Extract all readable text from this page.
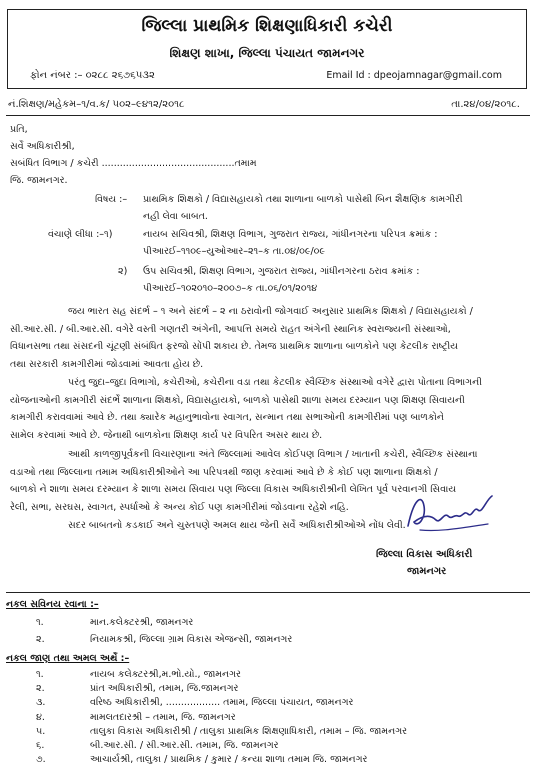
જિલ્લા પ્રાથમિક શિક્ષણાધિકારી કચેરી
શિક્ષણ શાખા, જિલ્લા પંચાયત જામનગર
ફોન નંબર :– ૦૨૮૮ ૨૬૭૬૫૩૨	Email Id : dpeojamnagar@gmail.com
નં.શિક્ષણ/મહેકમ–૧/વ.ક/ ૫૦૨–૯૪૧૨/૨૦૧૮	તા.૨૪/૦૪/૨૦૧૮.
પ્રતિ,
સર્વે અધિકારીશ્રી,
સબંધિત વિભાગ / કચેરી ............................................તમામ
જિ. જામનગર.
વિષય :– પ્રાથમિક શિક્ષકો / વિદ્યાસહાયકો તથા શાળાના બાળકો પાસેથી બિન શૈક્ષણિક કામગીરી
નહી લેવા બાબત.
વંચાણે લીધા :–૧)	નાયબ સચિવશ્રી, શિક્ષણ વિભાગ, ગુજરાત રાજ્ય, ગાંધીનગરના પરિપત્ર ક્રમાંક :
પીઆરઈ–૧૧૦૯–યુઓઆર–૨૧–ક તા.૦૪/૦૯/૦૯
૨) ઉપ સચિવશ્રી, શિક્ષણ વિભાગ, ગુજરાત રાજ્ય, ગાંધીનગરના ઠરાવ ક્રમાંક :
પીઆરઈ–૧૦૨૦૧૦–૨૦૦૭–ક તા.૦૬/૦૧/૨૦૧૪
જય ભારત સહ સંદર્ભ – ૧ અને સંદર્ભ – ૨ ના ઠરાવોની જોગવાઈ અનુસાર પ્રાથમિક શિક્ષકો / વિદ્યાસહાયકો /
સી.આર.સી. / બી.આર.સી. વગેરે વસ્તી ગણતરી અંગેની, આપત્તિ સમયે રાહત અંગેની સ્થાનિક સ્વરાજ્યની સંસ્થાઓ,
વિધાનસભા તથા સંસદની ચૂંટણી સંબંધિત ફરજો સોંપી શકાય છે. તેમજ પ્રાથમિક શાળાના બાળકોને પણ કેટલીક રાષ્ટ્રીય
તથા સરકારી કામગીરીમાં જોડવામાં આવતા હોય છે.
પરંતુ જુદા–જુદા વિભાગો, કચેરીઓ, કચેરીના વડા તથા કેટલીક સ્વૈચ્છિક સંસ્થાઓ વગેરે દ્વારા પોતાના વિભાગની
યોજનાઓની કામગીરી સંદર્ભે શાળાના શિક્ષકો, વિદ્યાસહાયકો, બાળકો પાસેથી શાળા સમય દરમ્યાન પણ શિક્ષણ સિવાયની
કામગીરી કરાવવામાં આવે છે. તથા ક્યારેક મહાનુભાવોના સ્વાગત, સન્માન તથા સભાઓની કામગીરીમાં પણ બાળકોને
સામેલ કરવામાં આવે છે. જેનાથી બાળકોના શિક્ષણ કાર્ય પર વિપરિત અસર થાય છે.
આથી કાળજીપૂર્વકની વિચારણાના અંતે જિલ્લામાં આવેલ કોઈપણ વિભાગ / ખાતાની કચેરી, સ્વૈચ્છિક સંસ્થાના
વડાઓ તથા જિલ્લાના તમામ અધિકારીશ્રીઓને આ પરિપત્રથી જાણ કરવામાં આવે છે કે કોઈ પણ શાળાના શિક્ષકો /
બાળકો ને શાળા સમય દરમ્યાન કે શાળા સમય સિવાય પણ જિલ્લા વિકાસ અધિકારીશ્રીની લેખિત પૂર્વ પરવાનગી સિવાય
રેલી, સભા, સરઘસ, સ્વાગત, સ્પર્ધાઓ કે અન્ય કોઈ પણ કામગીરીમાં જોડવાના રહેશે નહિ.
સદર બાબતનો કડકાઈ અને ચુસ્તપણે અમલ થાય જેની સર્વે અધિકારીશ્રીઓએ નોંધ લેવી.
જિલ્લા વિકાસ અધિકારી
જામનગર
નકલ સવિનય રવાના :–
૧.	માન.કલેક્ટરશ્રી, જામનગર
૨.	નિયામકશ્રી, જિલ્લા ગ્રામ વિકાસ એજન્સી, જામનગર
નકલ જાણ તથા અમલ અર્થે :–
૧.	નાયબ કલેક્ટરશ્રી,મ.ભો.યો., જામનગર
૨.	પ્રાંત અધિકારીશ્રી, તમામ, જિ.જામનગર
૩.	વરિષ્ઠ અધિકારીશ્રી, .................. તમામ, જિલ્લા પંચાયત, જામનગર
૪.	મામલતદારશ્રી – તમામ, જિ. જામનગર
૫.	તાલુકા વિકાસ અધિકારીશ્રી / તાલુકા પ્રાથમિક શિક્ષણાધિકારી, તમામ – જિ. જામનગર
૬.	બી.આર.સી. / સી.આર.સી. તમામ, જિ. જામનગર
૭.	આચાર્યશ્રી, તાલુકા / પ્રાથમિક / કુમાર / કન્યા શાળા તમામ જિ. જામનગર
